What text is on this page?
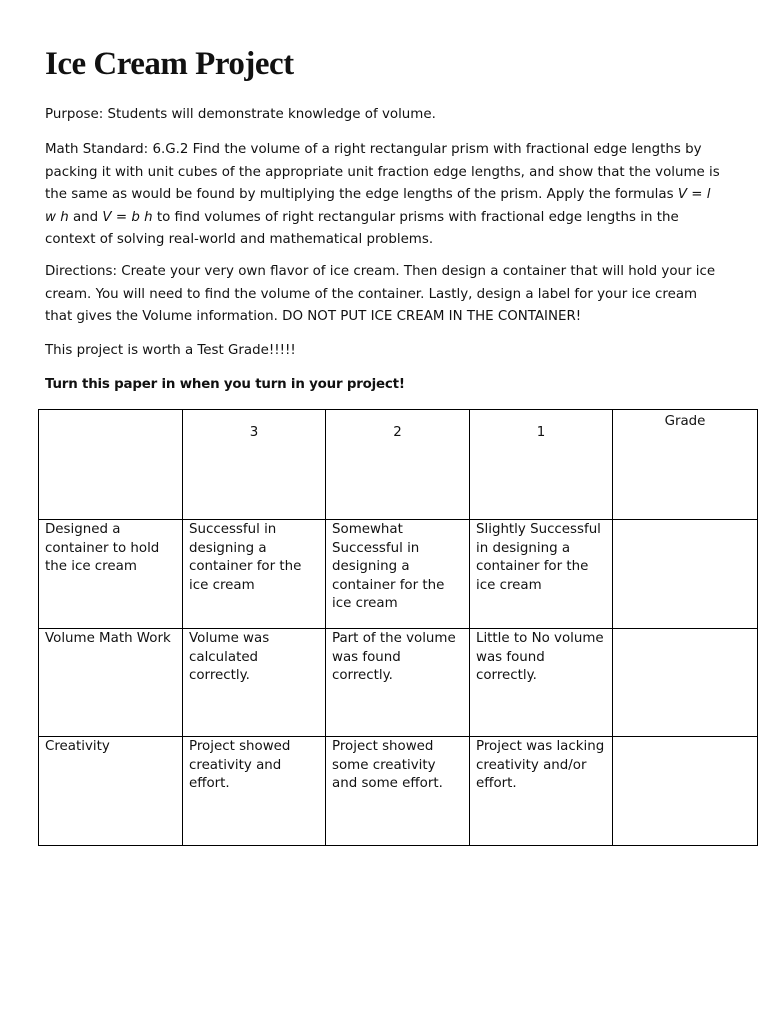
Ice Cream Project

Purpose: Students will demonstrate knowledge of volume.

Math Standard: 6.G.2 Find the volume of a right rectangular prism with fractional edge lengths by packing it with unit cubes of the appropriate unit fraction edge lengths, and show that the volume is the same as would be found by multiplying the edge lengths of the prism. Apply the formulas V = l w h and V = b h to find volumes of right rectangular prisms with fractional edge lengths in the context of solving real-world and mathematical problems.

Directions: Create your very own flavor of ice cream. Then design a container that will hold your ice cream. You will need to find the volume of the container. Lastly, design a label for your ice cream that gives the Volume information. DO NOT PUT ICE CREAM IN THE CONTAINER!

This project is worth a Test Grade!!!!!

Turn this paper in when you turn in your project!

	3	2	1	Grade
Designed a container to hold the ice cream	Successful in designing a container for the ice cream	Somewhat Successful in designing a container for the ice cream	Slightly Successful in designing a container for the ice cream	
Volume Math Work	Volume was calculated correctly.	Part of the volume was found correctly.	Little to No volume was found correctly.	
Creativity	Project showed creativity and effort.	Project showed some creativity and some effort.	Project was lacking creativity and/or effort.	
